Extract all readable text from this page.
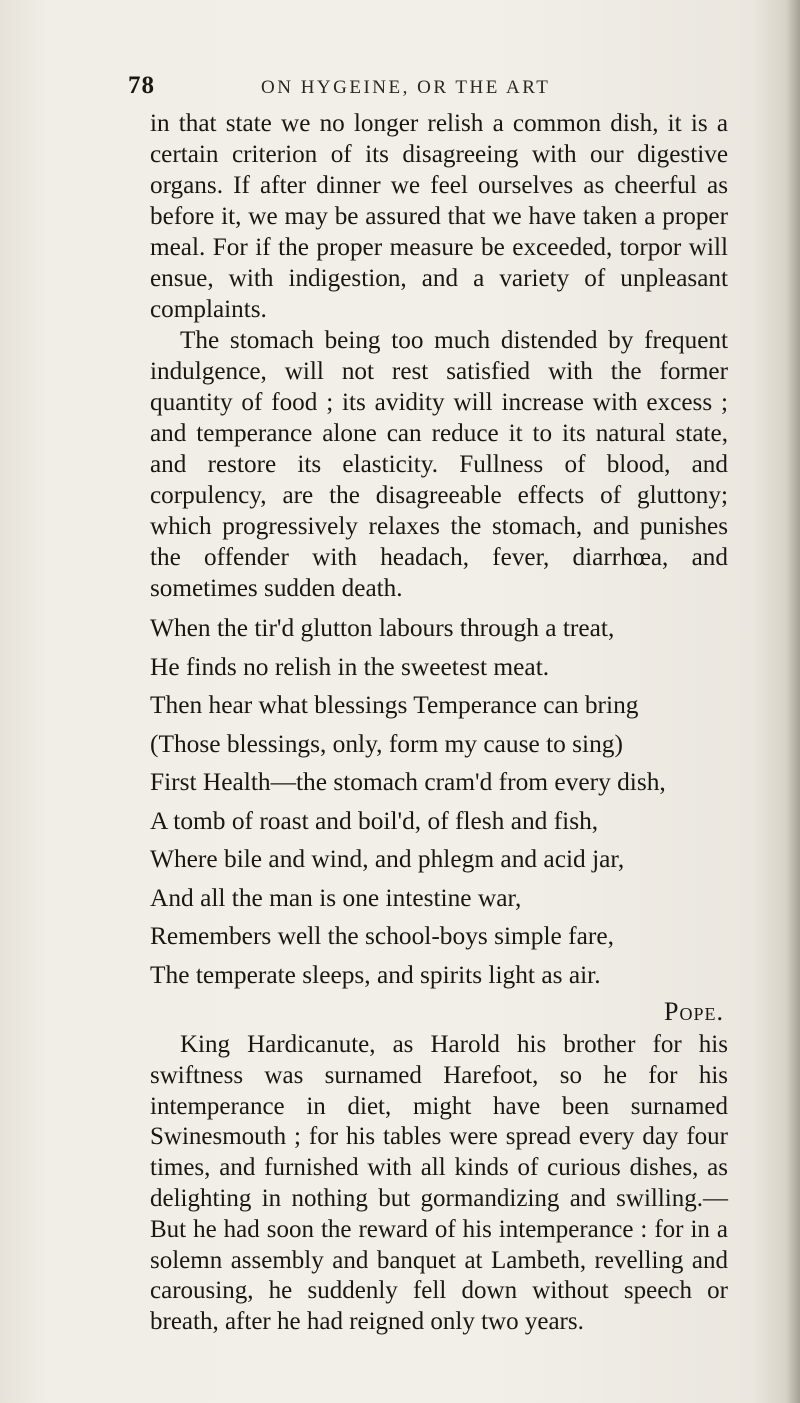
78	ON HYGEINE, OR THE ART

in that state we no longer relish a common dish, it is a certain criterion of its disagreeing with our digestive organs. If after dinner we feel ourselves as cheerful as before it, we may be assured that we have taken a proper meal. For if the proper measure be exceeded, torpor will ensue, with indigestion, and a variety of unpleasant complaints.

The stomach being too much distended by frequent indulgence, will not rest satisfied with the former quantity of food ; its avidity will increase with excess ; and temperance alone can reduce it to its natural state, and restore its elasticity. Fullness of blood, and corpulency, are the disagreeable effects of gluttony; which progressively relaxes the stomach, and punishes the offender with headach, fever, diarrhœa, and sometimes sudden death.

When the tir'd glutton labours through a treat,
He finds no relish in the sweetest meat.
Then hear what blessings Temperance can bring
(Those blessings, only, form my cause to sing)
First Health—the stomach cram'd from every dish,
A tomb of roast and boil'd, of flesh and fish,
Where bile and wind, and phlegm and acid jar,
And all the man is one intestine war,
Remembers well the school-boys simple fare,
The temperate sleeps, and spirits light as air.
Pope.

King Hardicanute, as Harold his brother for his swiftness was surnamed Harefoot, so he for his intemperance in diet, might have been surnamed Swinesmouth ; for his tables were spread every day four times, and furnished with all kinds of curious dishes, as delighting in nothing but gormandizing and swilling.— But he had soon the reward of his intemperance : for in a solemn assembly and banquet at Lambeth, revelling and carousing, he suddenly fell down without speech or breath, after he had reigned only two years.
